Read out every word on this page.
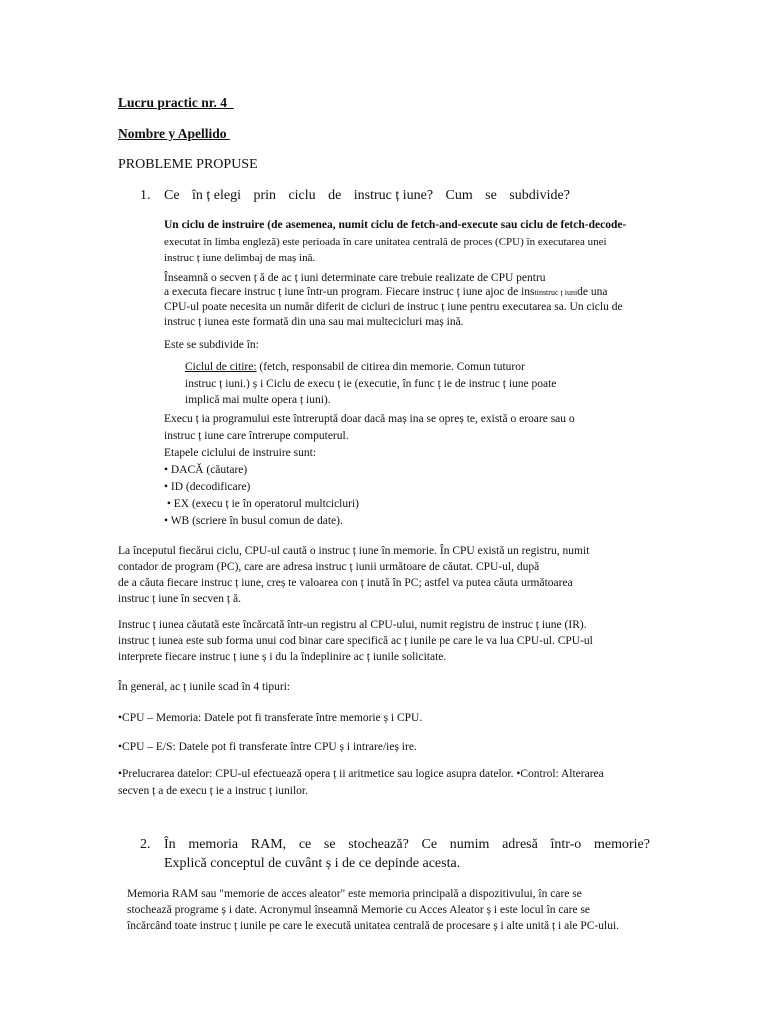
Lucru practic nr. 4
Nombre y Apellido
PROBLEME PROPUSE
1. Ce în ț elegi prin ciclu de instruc ț iune? Cum se subdivide?
Un ciclu de instruire (de asemenea, numit ciclu de fetch-and-execute sau ciclu de fetch-decode-
executat în limba engleză) este perioada în care unitatea centrală de proces (CPU) în executarea unei
instruc ț iune delimbaj de maș ină.
Înseamnă o secven ț ă de ac ț iuni determinate care trebuie realizate de CPU pentru
a executa fiecare instruc ț iune într-un program. Fiecare instruc ț iune ajoc de instinstruc ț iunide una
CPU-ul poate necesita un număr diferit de cicluri de instruc ț iune pentru executarea sa. Un ciclu de
instruc ț iunea este formată din una sau mai multecicluri maș ină.
Este se subdivide în:
Ciclul de citire: (fetch, responsabil de citirea din memorie. Comun tuturor
instruc ț iuni.) ș i Ciclu de execu ț ie (executie, în func ț ie de instruc ț iune poate
implică mai multe opera ț iuni).
Execu ț ia programului este întreruptă doar dacă maș ina se opreș te, există o eroare sau o
instruc ț iune care întrerupe computerul.
Etapele ciclului de instruire sunt:
• DACĂ (căutare)
• ID (decodificare)
• EX (execu ț ie în operatorul multcicluri)
• WB (scriere în busul comun de date).
La începutul fiecărui ciclu, CPU-ul caută o instruc ț iune în memorie. În CPU există un registru, numit
contador de program (PC), care are adresa instruc ț iunii următoare de căutat. CPU-ul, după
de a căuta fiecare instruc ț iune, creș te valoarea con ț inută în PC; astfel va putea căuta următoarea
instruc ț iune în secven ț ă.
Instruc ț iunea căutată este încărcată într-un registru al CPU-ului, numit registru de instruc ț iune (IR).
instruc ț iunea este sub forma unui cod binar care specifică ac ț iunile pe care le va lua CPU-ul. CPU-ul
interprete fiecare instruc ț iune ș i du la îndeplinire ac ț iunile solicitate.
În general, ac ț iunile scad în 4 tipuri:
•CPU – Memoria: Datele pot fi transferate între memorie ș i CPU.
•CPU – E/S: Datele pot fi transferate între CPU ș i intrare/ieș ire.
•Prelucrarea datelor: CPU-ul efectuează opera ț ii aritmetice sau logice asupra datelor. •Control: Alterarea
secven ț a de execu ț ie a instruc ț iunilor.
2. În memoria RAM, ce se stochează? Ce numim adresă într-o memorie?
Explică conceptul de cuvânt ș i de ce depinde acesta.
Memoria RAM sau "memorie de acces aleator" este memoria principală a dispozitivului, în care se
stochează programe ș i date. Acronymul înseamnă Memorie cu Acces Aleator ș i este locul în care se
încărcând toate instruc ț iunile pe care le execută unitatea centrală de procesare ș i alte unită ț i ale PC-ului.
